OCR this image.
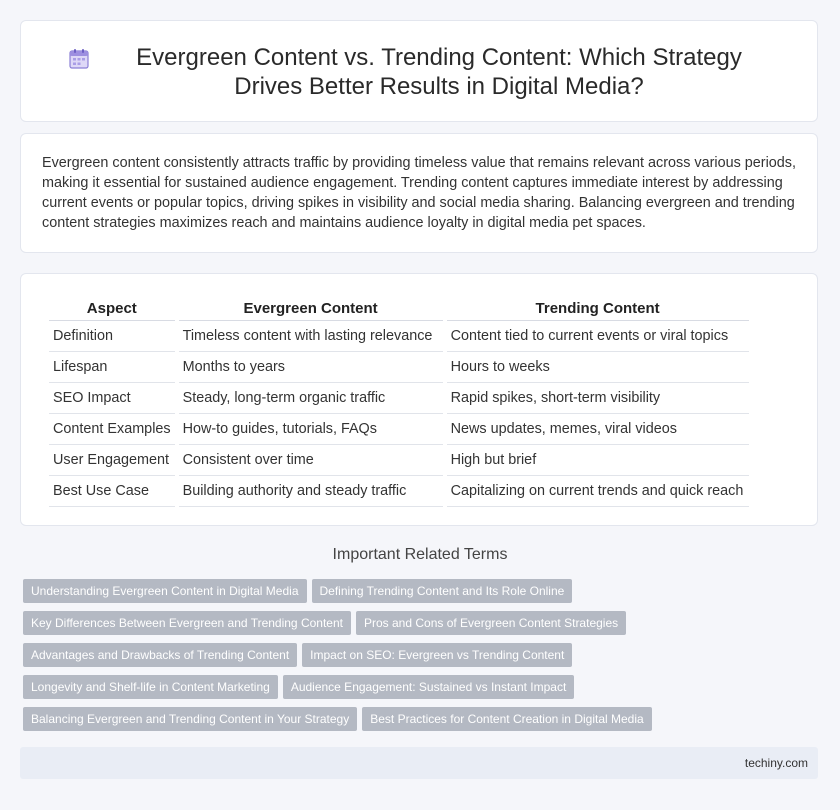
Evergreen Content vs. Trending Content: Which Strategy Drives Better Results in Digital Media?

Evergreen content consistently attracts traffic by providing timeless value that remains relevant across various periods, making it essential for sustained audience engagement. Trending content captures immediate interest by addressing current events or popular topics, driving spikes in visibility and social media sharing. Balancing evergreen and trending content strategies maximizes reach and maintains audience loyalty in digital media pet spaces.

Aspect	Evergreen Content	Trending Content
Definition	Timeless content with lasting relevance	Content tied to current events or viral topics
Lifespan	Months to years	Hours to weeks
SEO Impact	Steady, long-term organic traffic	Rapid spikes, short-term visibility
Content Examples	How-to guides, tutorials, FAQs	News updates, memes, viral videos
User Engagement	Consistent over time	High but brief
Best Use Case	Building authority and steady traffic	Capitalizing on current trends and quick reach
Important Related Terms
Understanding Evergreen Content in Digital Media Defining Trending Content and Its Role Online
Key Differences Between Evergreen and Trending Content Pros and Cons of Evergreen Content Strategies
Advantages and Drawbacks of Trending Content Impact on SEO: Evergreen vs Trending Content
Longevity and Shelf-life in Content Marketing Audience Engagement: Sustained vs Instant Impact
Balancing Evergreen and Trending Content in Your Strategy Best Practices for Content Creation in Digital Media
techiny.com
